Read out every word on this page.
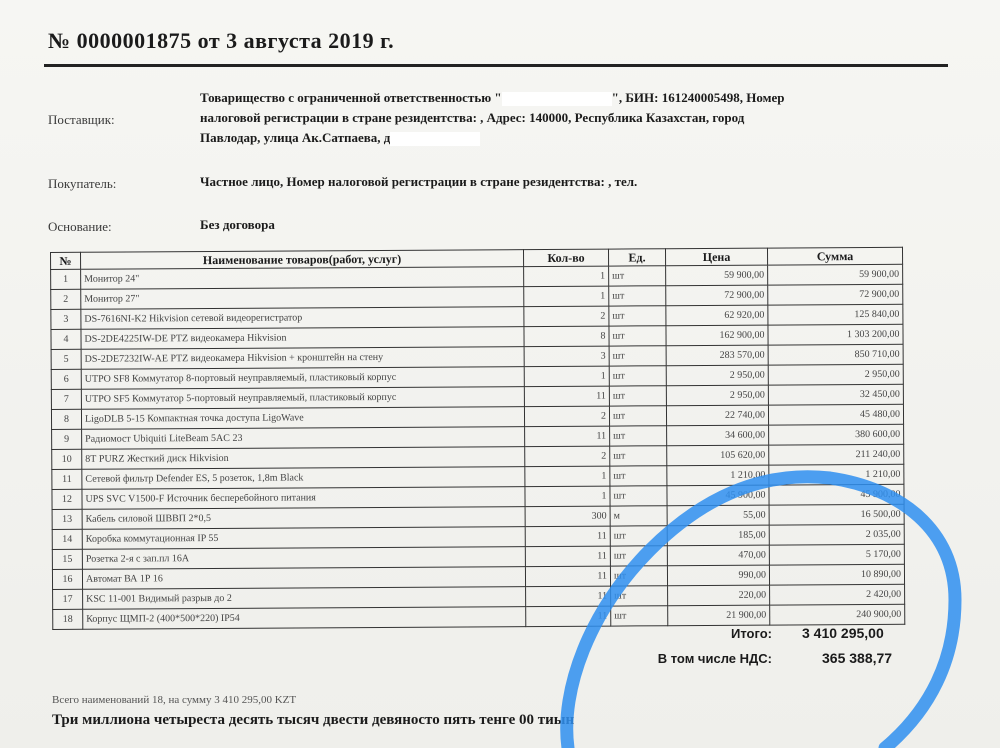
№ 0000001875 от 3 августа 2019 г.
Поставщик:
Товарищество с ограниченной ответственностью "	", БИН: 161240005498, Номер
налоговой регистрации в стране резидентства: , Адрес: 140000, Республика Казахстан, город
Павлодар, улица Ак.Сатпаева, д
Покупатель:	Частное лицо, Номер налоговой регистрации в стране резидентства: , тел.
Основание:	Без договора
№	Наименование товаров(работ, услуг)	Кол-во	Ед.	Цена	Сумма
1	Монитор 24"	1	шт	59 900,00	59 900,00
2	Монитор 27"	1	шт	72 900,00	72 900,00
3	DS-7616NI-K2 Hikvision сетевой видеорегистратор	2	шт	62 920,00	125 840,00
4	DS-2DE4225IW-DE PTZ видеокамера Hikvision	8	шт	162 900,00	1 303 200,00
5	DS-2DE7232IW-AE PTZ видеокамера Hikvision + кронштейн на стену	3	шт	283 570,00	850 710,00
6	UTPO SF8 Коммутатор 8-портовый неуправляемый, пластиковый корпус	1	шт	2 950,00	2 950,00
7	UTPO SF5 Коммутатор 5-портовый неуправляемый, пластиковый корпус	11	шт	2 950,00	32 450,00
8	LigoDLB 5-15 Компактная точка доступа LigoWave	2	шт	22 740,00	45 480,00
9	Радиомост Ubiquiti LiteBeam 5AC 23	11	шт	34 600,00	380 600,00
10	8Т PURZ Жесткий диск Hikvision	2	шт	105 620,00	211 240,00
11	Сетевой фильтр Defender ES, 5 розеток, 1,8m Black	1	шт	1 210,00	1 210,00
12	UPS SVC V1500-F Источник бесперебойного питания	1	шт	45 900,00	45 900,00
13	Кабель силовой ШВВП 2*0,5	300	м	55,00	16 500,00
14	Коробка коммутационная IP 55	11	шт	185,00	2 035,00
15	Розетка 2-я с зап.пл 16А	11	шт	470,00	5 170,00
16	Автомат ВА 1Р 16	11	шт	990,00	10 890,00
17	KSC 11-001 Видимый разрыв до 2	11	шт	220,00	2 420,00
18	Корпус ЩМП-2 (400*500*220) IP54	11	шт	21 900,00	240 900,00
Итого: 3 410 295,00
В том числе НДС:	365 388,77
Всего наименований 18, на сумму 3 410 295,00 KZT
Три миллиона четыреста десять тысяч двести девяносто пять тенге 00 тиын
